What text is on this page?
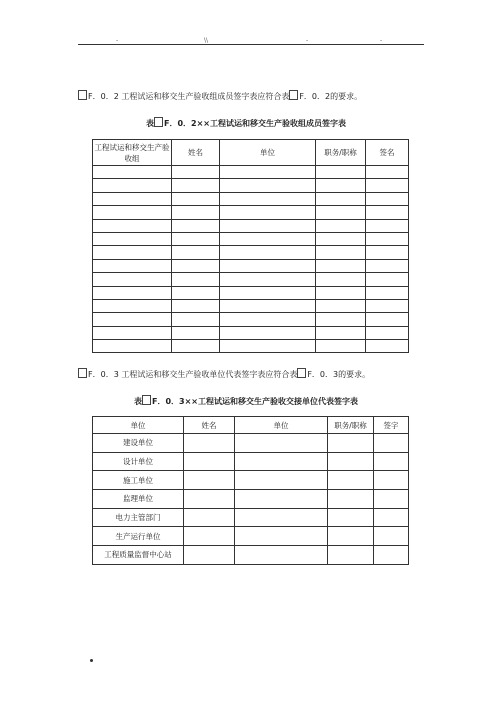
-	\\	-	-
F．0．2 工程试运和移交生产验收组成员签字表应符合表 F．0．2的要求。
表 F．0．2××工程试运和移交生产验收组成员签字表
工程试运和移交生产验收组	姓名	单位	职务/职称	签名

F．0．3 工程试运和移交生产验收单位代表签字表应符合表 F．0．3的要求。
表 F．0．3××工程试运和移交生产验收交接单位代表签字表
单位	姓名	单位	职务/职称	签字
建设单位				
设计单位				
施工单位				
监理单位				
电力主管部门				
生产运行单位				
工程质量监督中心站				
